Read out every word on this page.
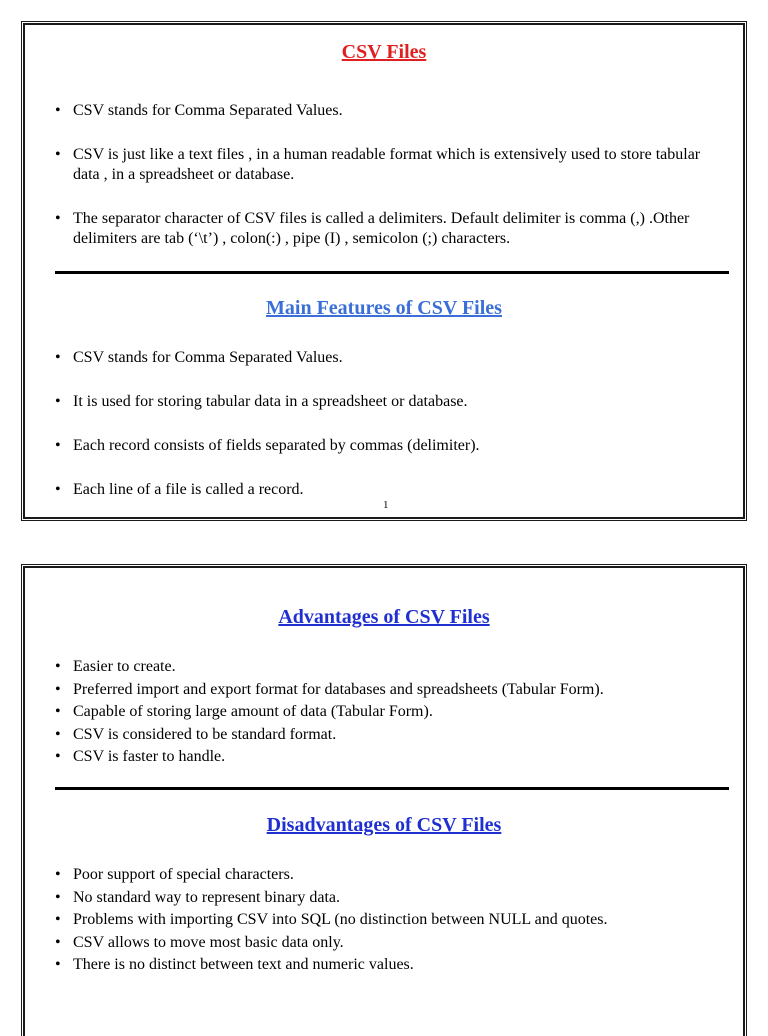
CSV Files
• CSV stands for Comma Separated Values.
• CSV is just like a text files , in a human readable format which is extensively used to store tabular data , in a spreadsheet or database.
• The separator character of CSV files is called a delimiters. Default delimiter is comma (,) .Other delimiters are tab (‘\t’) , colon(:) , pipe (I) , semicolon (;) characters.
Main Features of CSV Files
• CSV stands for Comma Separated Values.
• It is used for storing tabular data in a spreadsheet or database.
• Each record consists of fields separated by commas (delimiter).
• Each line of a file is called a record.
1
Advantages of CSV Files
• Easier to create.
• Preferred import and export format for databases and spreadsheets (Tabular Form).
• Capable of storing large amount of data (Tabular Form).
• CSV is considered to be standard format.
• CSV is faster to handle.
Disadvantages of CSV Files
• Poor support of special characters.
• No standard way to represent binary data.
• Problems with importing CSV into SQL (no distinction between NULL and quotes.
• CSV allows to move most basic data only.
• There is no distinct between text and numeric values.
